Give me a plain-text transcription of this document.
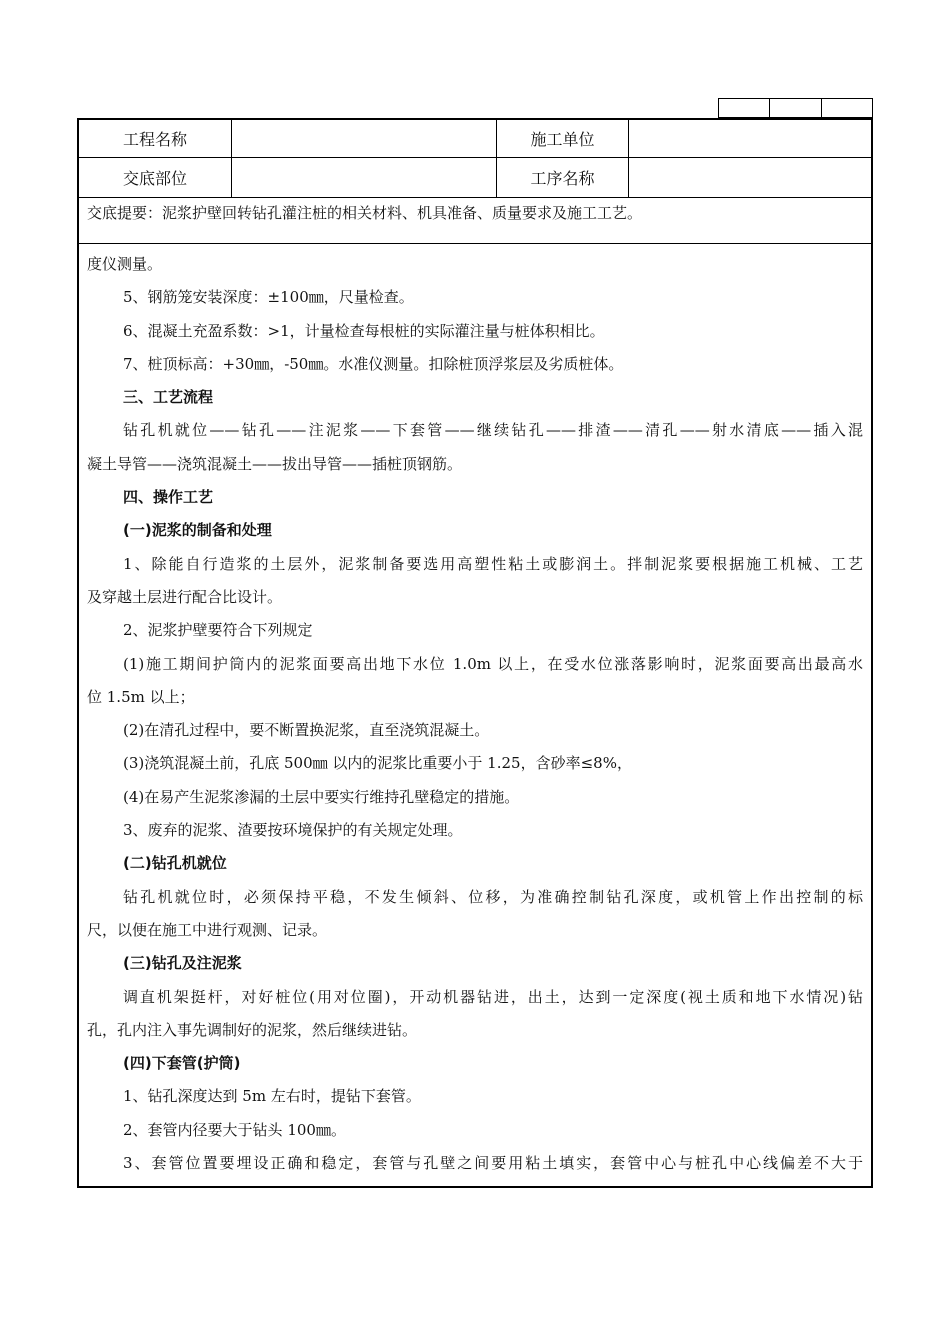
工程名称	施工单位
交底部位	工序名称
交底提要：泥浆护壁回转钻孔灌注桩的相关材料、机具准备、质量要求及施工工艺。
度仪测量。
5、钢筋笼安装深度：±100㎜，尺量检查。
6、混凝土充盈系数：>1，计量检查每根桩的实际灌注量与桩体积相比。
7、桩顶标高：+30㎜，-50㎜。水准仪测量。扣除桩顶浮浆层及劣质桩体。
三、工艺流程
钻孔机就位——钻孔——注泥浆——下套管——继续钻孔——排渣——清孔——射水清底——插入混
凝土导管——浇筑混凝土——拔出导管——插桩顶钢筋。
四、操作工艺
(一)泥浆的制备和处理
1、除能自行造浆的土层外，泥浆制备要选用高塑性粘土或膨润土。拌制泥浆要根据施工机械、工艺
及穿越土层进行配合比设计。
2、泥浆护壁要符合下列规定
(1)施工期间护筒内的泥浆面要高出地下水位 1.0m 以上，在受水位涨落影响时，泥浆面要高出最高水
位 1.5m 以上；
(2)在清孔过程中，要不断置换泥浆，直至浇筑混凝土。
(3)浇筑混凝土前，孔底 500㎜ 以内的泥浆比重要小于 1.25，含砂率≤8%，
(4)在易产生泥浆渗漏的土层中要实行维持孔壁稳定的措施。
3、废弃的泥浆、渣要按环境保护的有关规定处理。
(二)钻孔机就位
钻孔机就位时，必须保持平稳，不发生倾斜、位移，为准确控制钻孔深度，或机管上作出控制的标
尺，以便在施工中进行观测、记录。
(三)钻孔及注泥浆
调直机架挺杆，对好桩位(用对位圈)，开动机器钻进，出土，达到一定深度(视土质和地下水情况)钻
孔，孔内注入事先调制好的泥浆，然后继续进钻。
(四)下套管(护筒)
1、钻孔深度达到 5m 左右时，提钻下套管。
2、套管内径要大于钻头 100㎜。
3、套管位置要埋设正确和稳定，套管与孔壁之间要用粘土填实，套管中心与桩孔中心线偏差不大于
